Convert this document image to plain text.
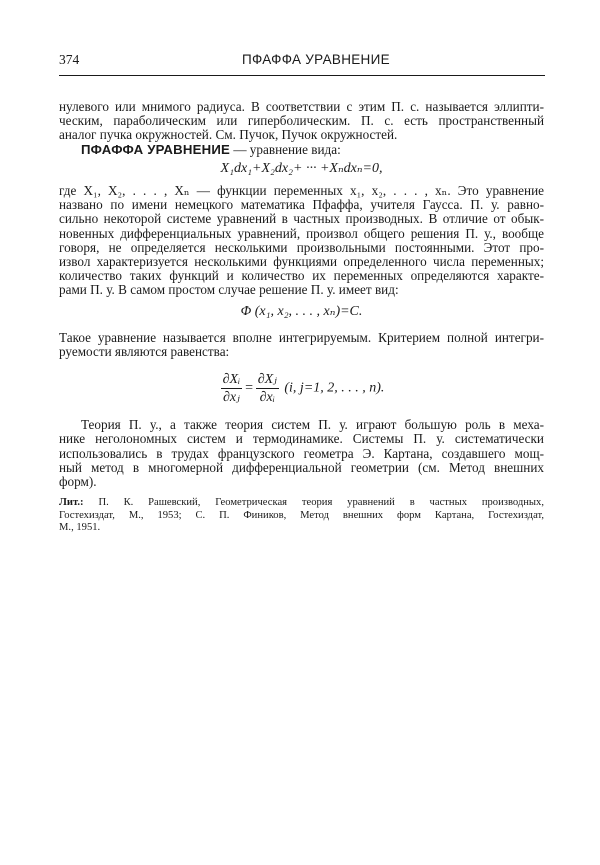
374	ПФАФФА УРАВНЕНИЕ
нулевого или мнимого радиуса. В соответствии с этим П. с. называется эллипти-
ческим, параболическим или гиперболическим. П. с. есть пространственный
аналог пучка окружностей. См. Пучок, Пучок окружностей.
ПФАФФА УРАВНЕНИЕ — уравнение вида:
X₁dx₁+X₂dx₂+ ··· +Xₙdxₙ=0,
где X₁, X₂, . . . , Xₙ — функции переменных x₁, x₂, . . . , xₙ. Это уравнение
названо по имени немецкого математика Пфаффа, учителя Гаусса. П. у. равно-
сильно некоторой системе уравнений в частных производных. В отличие от обык-
новенных дифференциальных уравнений, произвол общего решения П. у., вообще
говоря, не определяется несколькими произвольными постоянными. Этот про-
извол характеризуется несколькими функциями определенного числа переменных;
количество таких функций и количество их переменных определяются характе-
рами П. у. В самом простом случае решение П. у. имеет вид:
Φ (x₁, x₂, . . . , xₙ)=C.
Такое уравнение называется вполне интегрируемым. Критерием полной интегри-
руемости являются равенства:
$\frac{\text{∂Xᵢ}}{\text{∂xⱼ}} = \frac{\text{∂Xⱼ}}{\text{∂xᵢ}} (i$, j=1, 2, . . . , n).
Теория П. у., а также теория систем П. у. играют большую роль в меха-
нике неголономных систем и термодинамике. Системы П. у. систематически
использовались в трудах французского геометра Э. Картана, создавшего мощ-
ный метод в многомерной дифференциальной геометрии (см. Метод внешних
форм).
Лит.: П. К. Рашевский, Геометрическая теория уравнений в частных производных,
Гостехиздат, М., 1953; С. П. Фиников, Метод внешних форм Картана, Гостехиздат,
М., 1951.
